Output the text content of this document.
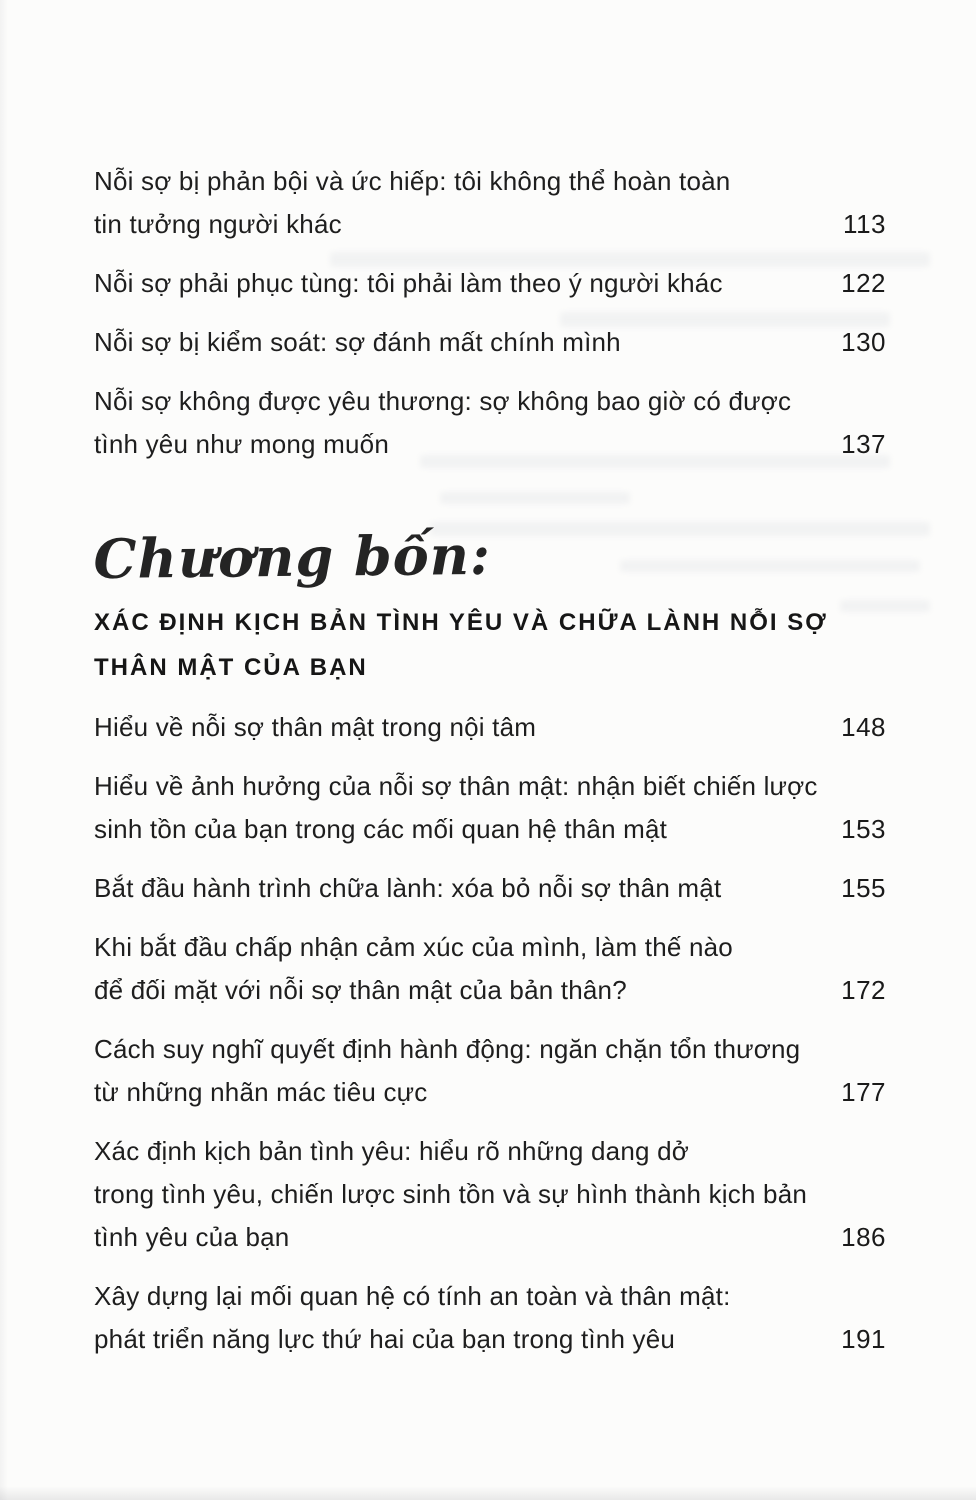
Nỗi sợ bị phản bội và ức hiếp: tôi không thể hoàn toàn
tin tưởng người khác	113
Nỗi sợ phải phục tùng: tôi phải làm theo ý người khác	122
Nỗi sợ bị kiểm soát: sợ đánh mất chính mình	130
Nỗi sợ không được yêu thương: sợ không bao giờ có được
tình yêu như mong muốn	137
Chương bốn:
XÁC ĐỊNH KỊCH BẢN TÌNH YÊU VÀ CHỮA LÀNH NỖI SỢ
THÂN MẬT CỦA BẠN
Hiểu về nỗi sợ thân mật trong nội tâm	148
Hiểu về ảnh hưởng của nỗi sợ thân mật: nhận biết chiến lược
sinh tồn của bạn trong các mối quan hệ thân mật	153
Bắt đầu hành trình chữa lành: xóa bỏ nỗi sợ thân mật	155
Khi bắt đầu chấp nhận cảm xúc của mình, làm thế nào
để đối mặt với nỗi sợ thân mật của bản thân?	172
Cách suy nghĩ quyết định hành động: ngăn chặn tổn thương
từ những nhãn mác tiêu cực	177
Xác định kịch bản tình yêu: hiểu rõ những dang dở
trong tình yêu, chiến lược sinh tồn và sự hình thành kịch bản
tình yêu của bạn	186
Xây dựng lại mối quan hệ có tính an toàn và thân mật:
phát triển năng lực thứ hai của bạn trong tình yêu	191
